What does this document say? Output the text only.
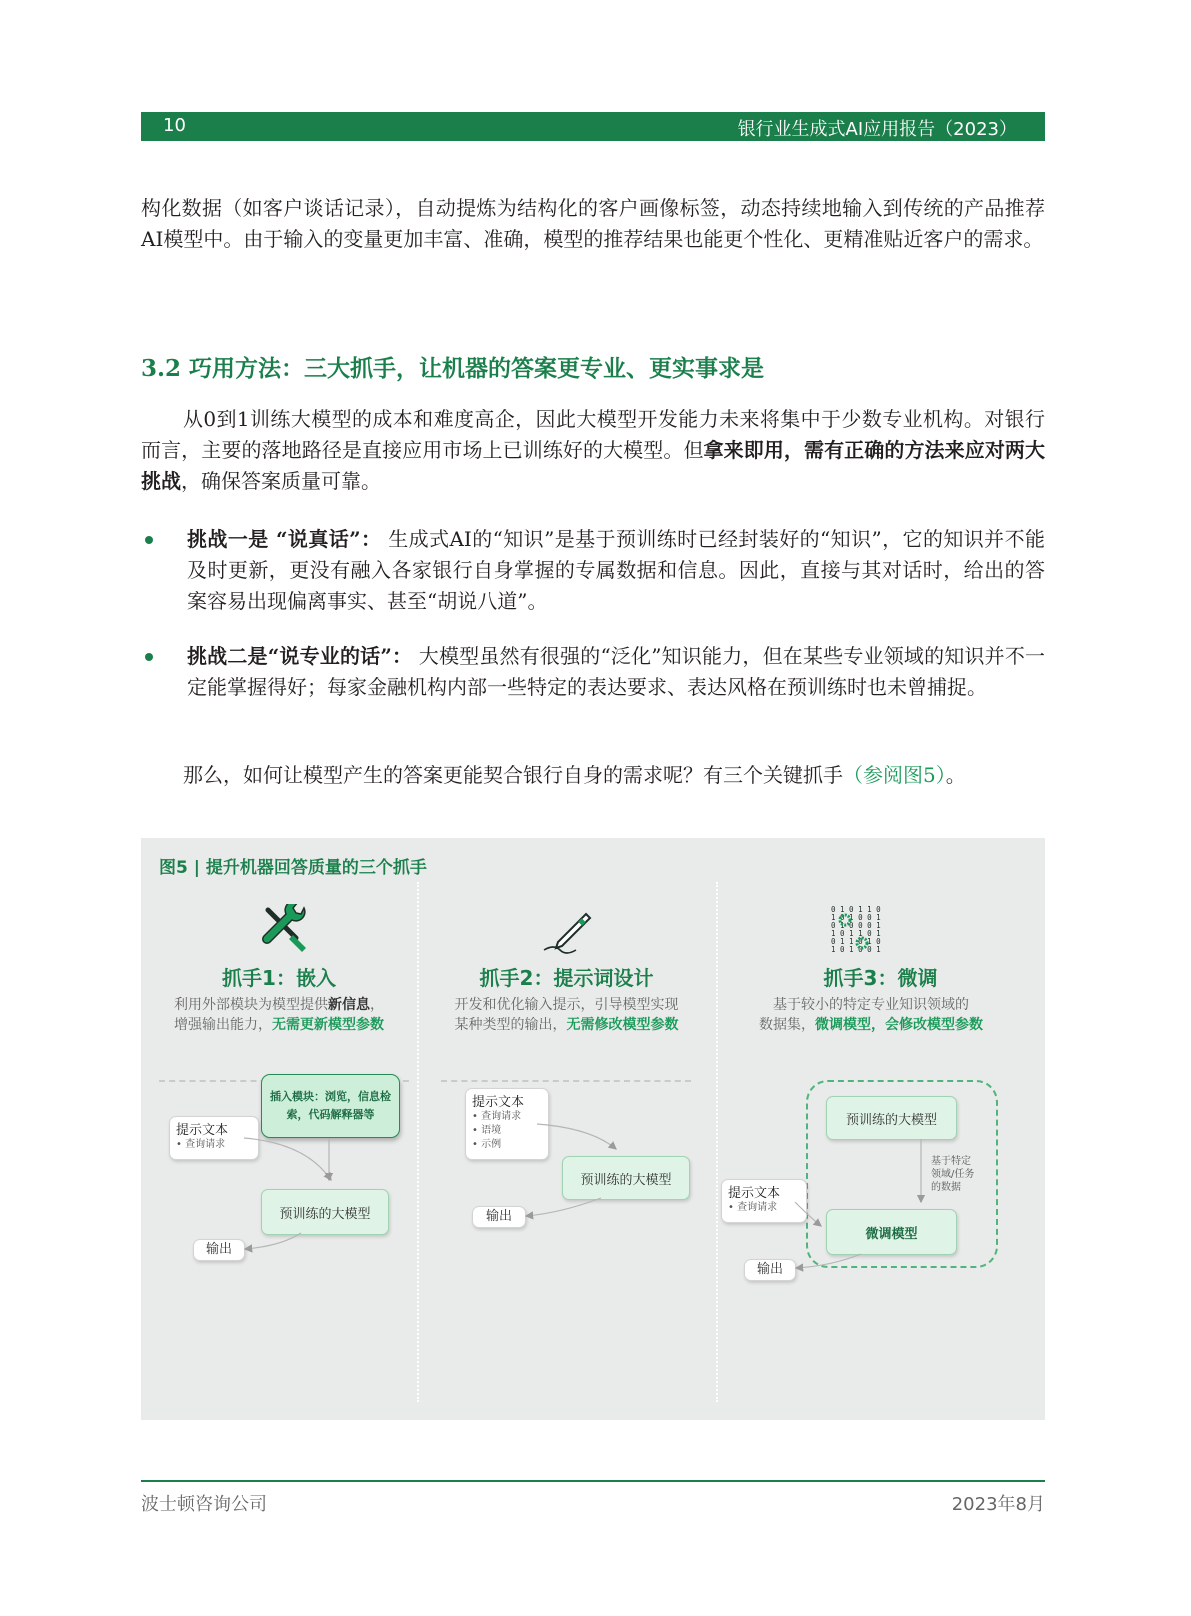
10	银行业生成式AI应用报告（2023）

构化数据（如客户谈话记录），自动提炼为结构化的客户画像标签，动态持续地输入到传统的产品推荐AI模型中。由于输入的变量更加丰富、准确，模型的推荐结果也能更个性化、更精准贴近客户的需求。

3.2 巧用方法：三大抓手，让机器的答案更专业、更实事求是

从0到1训练大模型的成本和难度高企，因此大模型开发能力未来将集中于少数专业机构。对银行而言，主要的落地路径是直接应用市场上已训练好的大模型。但拿来即用，需有正确的方法来应对两大挑战，确保答案质量可靠。

挑战一是 “说真话”： 生成式AI的“知识”是基于预训练时已经封装好的“知识”，它的知识并不能及时更新，更没有融入各家银行自身掌握的专属数据和信息。因此，直接与其对话时，给出的答案容易出现偏离事实、甚至“胡说八道”。
挑战二是“说专业的话”： 大模型虽然有很强的“泛化”知识能力，但在某些专业领域的知识并不一定能掌握得好；每家金融机构内部一些特定的表达要求、表达风格在预训练时也未曾捕捉。

那么，如何让模型产生的答案更能契合银行自身的需求呢？有三个关键抓手（参阅图5）。

图5 | 提升机器回答质量的三个抓手
抓手1：嵌入
利用外部模块为模型提供新信息，
增强输出能力，无需更新模型参数
插入模块：浏览，信息检索，代码解释器等
提示文本
• 查询请求
预训练的大模型
输出
抓手2：提示词设计
开发和优化输入提示，引导模型实现
某种类型的输出，无需修改模型参数
提示文本
• 查询请求
• 语境
• 示例
预训练的大模型
输出
0 1 0 1 1 0
1 0 1 0 0 1
0 1 0 0 0 1
1 0 1 1 0 1
0 1 1 0 1 0
1 0 1 0 0 1
抓手3：微调
基于较小的特定专业知识领域的
数据集，微调模型，会修改模型参数
预训练的大模型
基于特定
领域/任务
的数据
提示文本
• 查询请求
微调模型
输出
波士顿咨询公司	2023年8月
